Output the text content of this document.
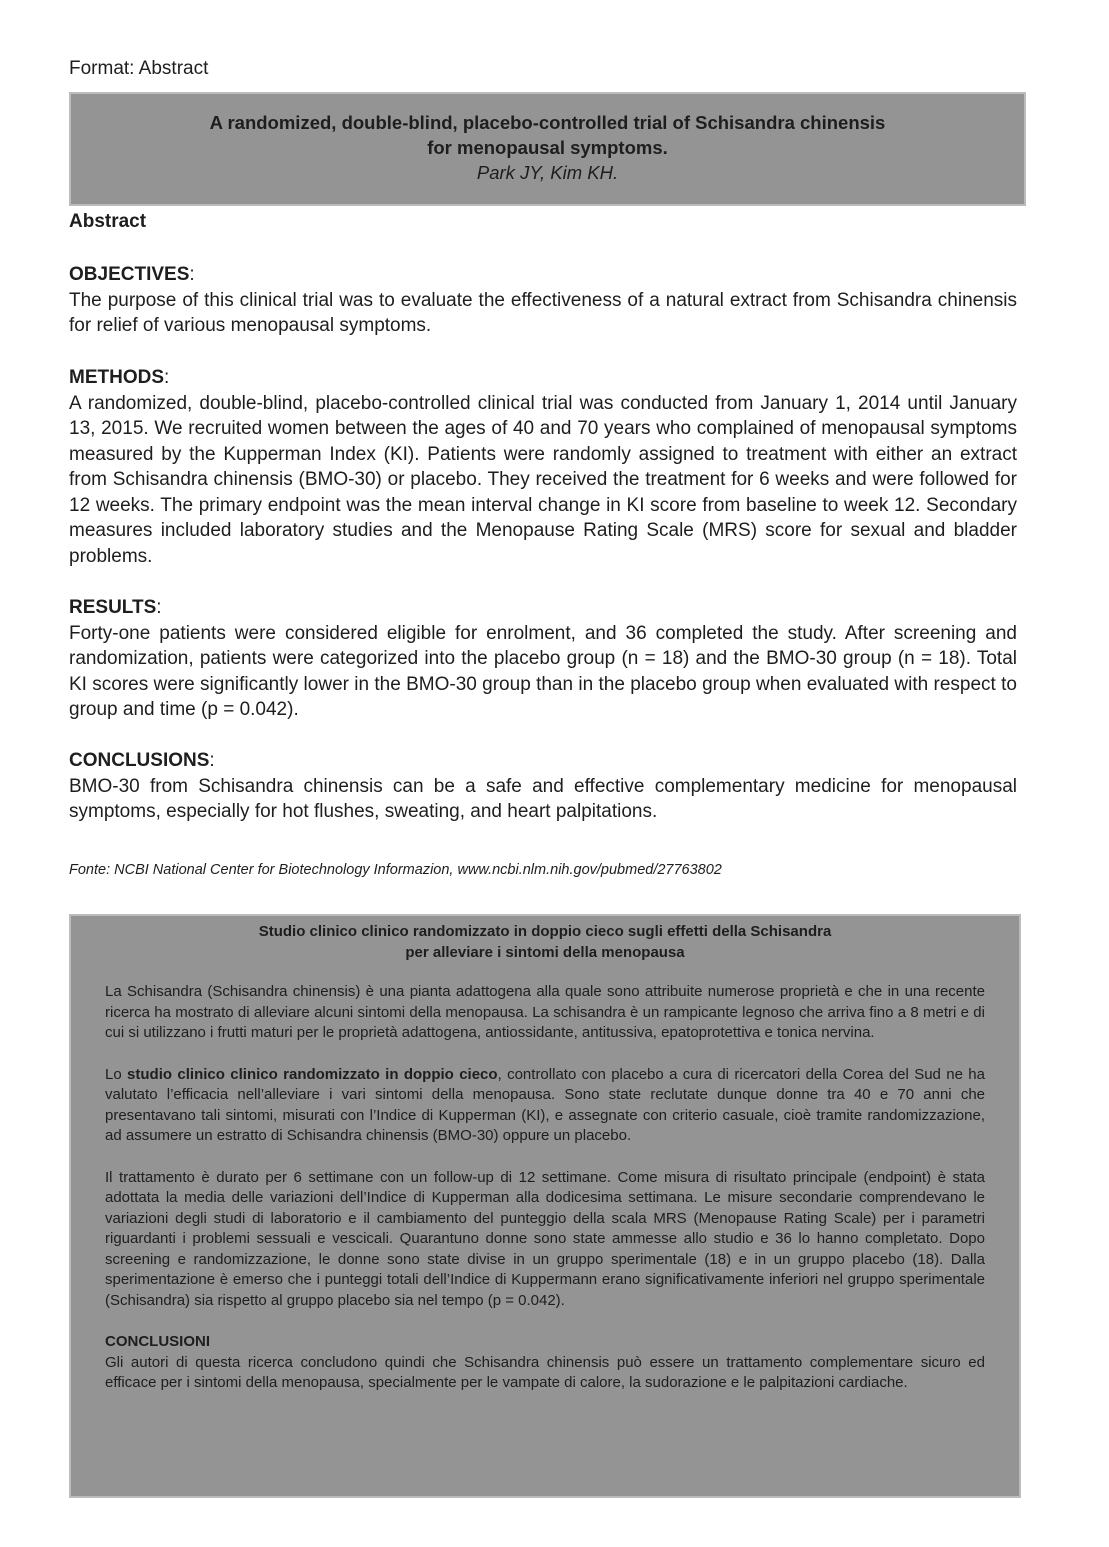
Format: Abstract
A randomized, double-blind, placebo-controlled trial of Schisandra chinensis
for menopausal symptoms.
Park JY, Kim KH.
Abstract
OBJECTIVES:

The purpose of this clinical trial was to evaluate the effectiveness of a natural extract from Schisandra chinensis for relief of various menopausal symptoms.

METHODS:

A randomized, double-blind, placebo-controlled clinical trial was conducted from January 1, 2014 until January 13, 2015. We recruited women between the ages of 40 and 70 years who complained of menopausal symptoms measured by the Kupperman Index (KI). Patients were randomly assigned to treatment with either an extract from Schisandra chinensis (BMO-30) or placebo. They received the treatment for 6 weeks and were followed for 12 weeks. The primary endpoint was the mean interval change in KI score from baseline to week 12. Secondary measures included laboratory studies and the Menopause Rating Scale (MRS) score for sexual and bladder problems.

RESULTS:

Forty-one patients were considered eligible for enrolment, and 36 completed the study. After screening and randomization, patients were categorized into the placebo group (n = 18) and the BMO-30 group (n = 18). Total KI scores were significantly lower in the BMO-30 group than in the placebo group when evaluated with respect to group and time (p = 0.042).

CONCLUSIONS:

BMO-30 from Schisandra chinensis can be a safe and effective complementary medicine for menopausal symptoms, especially for hot flushes, sweating, and heart palpitations.

Fonte: NCBI National Center for Biotechnology Informazion, www.ncbi.nlm.nih.gov/pubmed/27763802
Studio clinico clinico randomizzato in doppio cieco sugli effetti della Schisandra
per alleviare i sintomi della menopausa

La Schisandra (Schisandra chinensis) è una pianta adattogena alla quale sono attribuite numerose proprietà e che in una recente ricerca ha mostrato di alleviare alcuni sintomi della menopausa. La schisandra è un rampicante legnoso che arriva fino a 8 metri e di cui si utilizzano i frutti maturi per le proprietà adattogena, antiossidante, antitussiva, epatoprotettiva e tonica nervina.

Lo studio clinico clinico randomizzato in doppio cieco, controllato con placebo a cura di ricercatori della Corea del Sud ne ha valutato l’efficacia nell’alleviare i vari sintomi della menopausa. Sono state reclutate dunque donne tra 40 e 70 anni che presentavano tali sintomi, misurati con l’Indice di Kupperman (KI), e assegnate con criterio casuale, cioè tramite randomizzazione, ad assumere un estratto di Schisandra chinensis (BMO-30) oppure un placebo.

Il trattamento è durato per 6 settimane con un follow-up di 12 settimane. Come misura di risultato principale (endpoint) è stata adottata la media delle variazioni dell’Indice di Kupperman alla dodicesima settimana. Le misure secondarie comprendevano le variazioni degli studi di laboratorio e il cambiamento del punteggio della scala MRS (Menopause Rating Scale) per i parametri riguardanti i problemi sessuali e vescicali. Quarantuno donne sono state ammesse allo studio e 36 lo hanno completato. Dopo screening e randomizzazione, le donne sono state divise in un gruppo sperimentale (18) e in un gruppo placebo (18). Dalla sperimentazione è emerso che i punteggi totali dell’Indice di Kuppermann erano significativamente inferiori nel gruppo sperimentale (Schisandra) sia rispetto al gruppo placebo sia nel tempo (p = 0.042).

CONCLUSIONI

Gli autori di questa ricerca concludono quindi che Schisandra chinensis può essere un trattamento complementare sicuro ed efficace per i sintomi della menopausa, specialmente per le vampate di calore, la sudorazione e le palpitazioni cardiache.
